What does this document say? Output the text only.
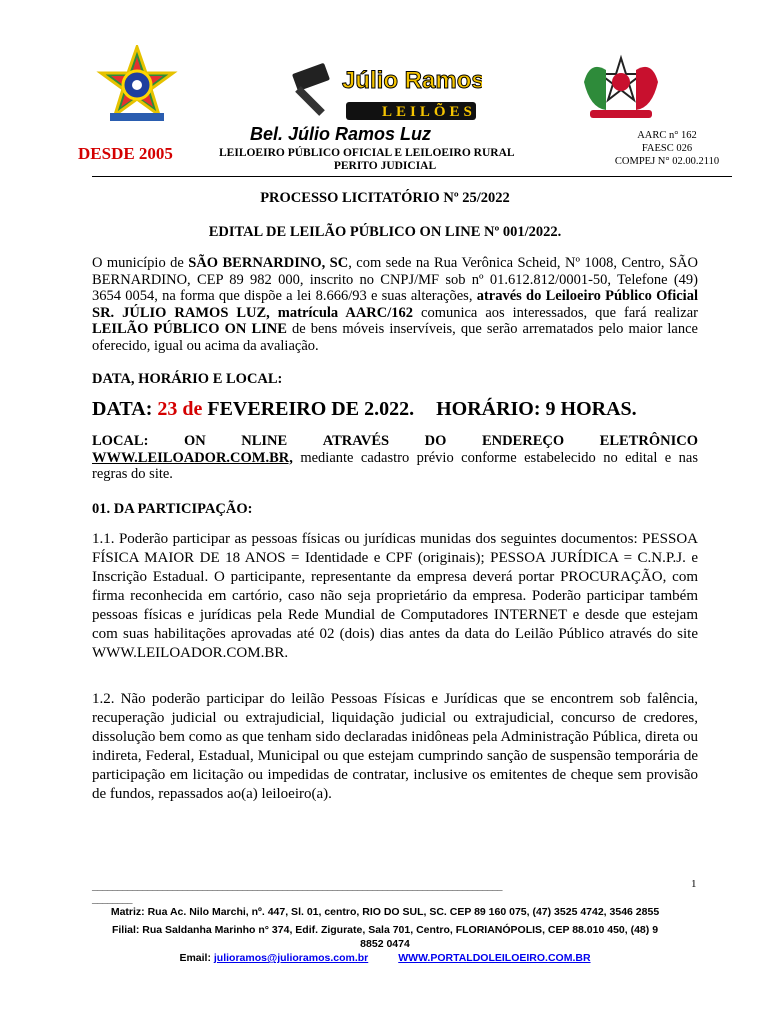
Júlio Ramos
LEILÕES
DESDE 2005
Bel. Júlio Ramos Luz
LEILOEIRO PÚBLICO OFICIAL E LEILOEIRO RURAL
PERITO JUDICIAL
AARC n° 162
FAESC 026
COMPEJ N° 02.00.2110
PROCESSO LICITATÓRIO Nº 25/2022
EDITAL DE LEILÃO PÚBLICO ON LINE Nº 001/2022.
O município de SÃO BERNARDINO, SC, com sede na Rua Verônica Scheid, Nº 1008, Centro, SÃO BERNARDINO, CEP 89 982 000, inscrito no CNPJ/MF sob nº 01.612.812/0001-50, Telefone (49) 3654 0054, na forma que dispõe a lei 8.666/93 e suas alterações, através do Leiloeiro Público Oficial SR. JÚLIO RAMOS LUZ, matrícula AARC/162 comunica aos interessados, que fará realizar LEILÃO PÚBLICO ON LINE de bens móveis inservíveis, que serão arrematados pelo maior lance oferecido, igual ou acima da avaliação.
DATA, HORÁRIO E LOCAL:
DATA: 23 de FEVEREIRO DE 2.022. HORÁRIO: 9 HORAS.
LOCAL: ON NLINE ATRAVÉS DO ENDEREÇO ELETRÔNICO
WWW.LEILOADOR.COM.BR, mediante cadastro prévio conforme estabelecido no edital e nas regras do site.
01. DA PARTICIPAÇÃO:
1.1. Poderão participar as pessoas físicas ou jurídicas munidas dos seguintes documentos: PESSOA FÍSICA MAIOR DE 18 ANOS = Identidade e CPF (originais); PESSOA JURÍDICA = C.N.P.J. e Inscrição Estadual. O participante, representante da empresa deverá portar PROCURAÇÃO, com firma reconhecida em cartório, caso não seja proprietário da empresa. Poderão participar também pessoas físicas e jurídicas pela Rede Mundial de Computadores INTERNET e desde que estejam com suas habilitações aprovadas até 02 (dois) dias antes da data do Leilão Público através do site WWW.LEILOADOR.COM.BR.
1.2. Não poderão participar do leilão Pessoas Físicas e Jurídicas que se encontrem sob falência, recuperação judicial ou extrajudicial, liquidação judicial ou extrajudicial, concurso de credores, dissolução bem como as que tenham sido declaradas inidôneas pela Administração Pública, direta ou indireta, Federal, Estadual, Municipal ou que estejam cumprindo sanção de suspensão temporária de participação em licitação ou impedidas de contratar, inclusive os emitentes de cheque sem provisão de fundos, repassados ao(a) leiloeiro(a).
__________________________________________________________________________________
________
1
Matriz: Rua Ac. Nilo Marchi, nº. 447, Sl. 01, centro, RIO DO SUL, SC. CEP 89 160 075, (47) 3525 4742, 3546 2855
Filial: Rua Saldanha Marinho n° 374, Edif. Zigurate, Sala 701, Centro, FLORIANÓPOLIS, CEP 88.010 450, (48) 9
8852 0474
Email: julioramos@julioramos.com.br	WWW.PORTALDOLEILOEIRO.COM.BR
